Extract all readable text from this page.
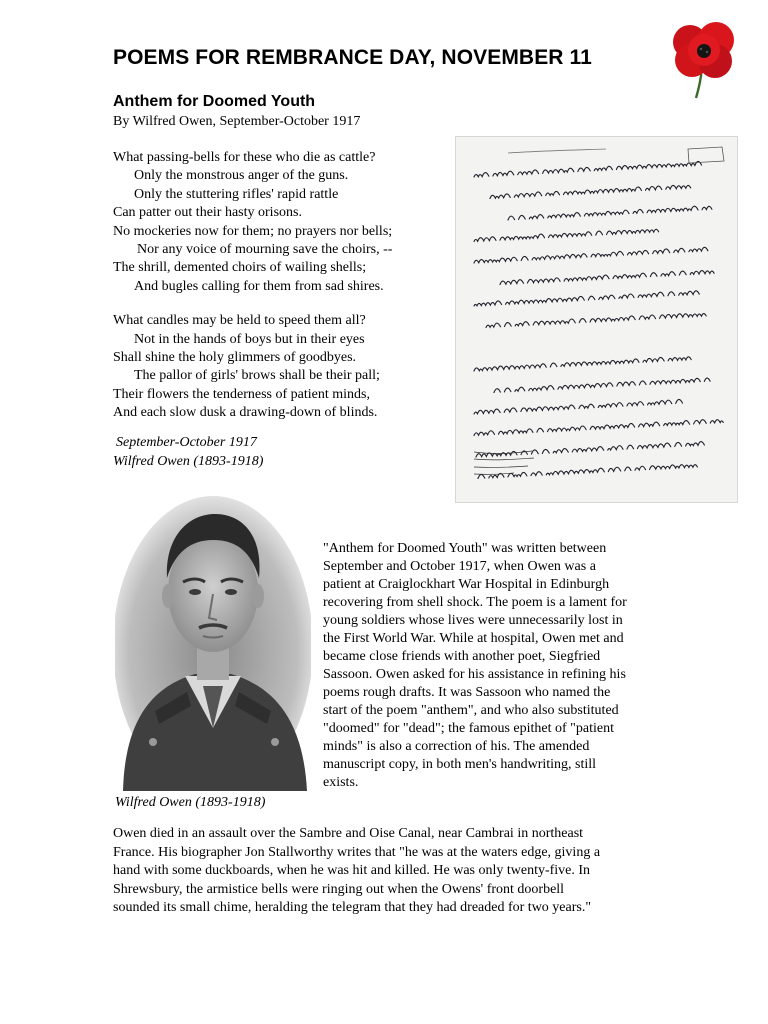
POEMS FOR REMBRANCE DAY, NOVEMBER 11
Anthem for Doomed Youth
By Wilfred Owen, September-October 1917
What passing-bells for these who die as cattle?
Only the monstrous anger of the guns.
Only the stuttering rifles' rapid rattle
Can patter out their hasty orisons.
No mockeries now for them; no prayers nor bells;
Nor any voice of mourning save the choirs, --
The shrill, demented choirs of wailing shells;
And bugles calling for them from sad shires.
What candles may be held to speed them all?
Not in the hands of boys but in their eyes
Shall shine the holy glimmers of goodbyes.
The pallor of girls' brows shall be their pall;
Their flowers the tenderness of patient minds,
And each slow dusk a drawing-down of blinds.
September-October 1917
Wilfred Owen (1893-1918)
Wilfred Owen (1893-1918)
"Anthem for Doomed Youth" was written between
September and October 1917, when Owen was a
patient at Craiglockhart War Hospital in Edinburgh
recovering from shell shock. The poem is a lament for
young soldiers whose lives were unnecessarily lost in
the First World War. While at hospital, Owen met and
became close friends with another poet, Siegfried
Sassoon. Owen asked for his assistance in refining his
poems rough drafts. It was Sassoon who named the
start of the poem "anthem", and who also substituted
"doomed" for "dead"; the famous epithet of "patient
minds" is also a correction of his. The amended
manuscript copy, in both men's handwriting, still
exists.
Owen died in an assault over the Sambre and Oise Canal, near Cambrai in northeast
France. His biographer Jon Stallworthy writes that "he was at the waters edge, giving a
hand with some duckboards, when he was hit and killed. He was only twenty-five. In
Shrewsbury, the armistice bells were ringing out when the Owens' front doorbell
sounded its small chime, heralding the telegram that they had dreaded for two years."
